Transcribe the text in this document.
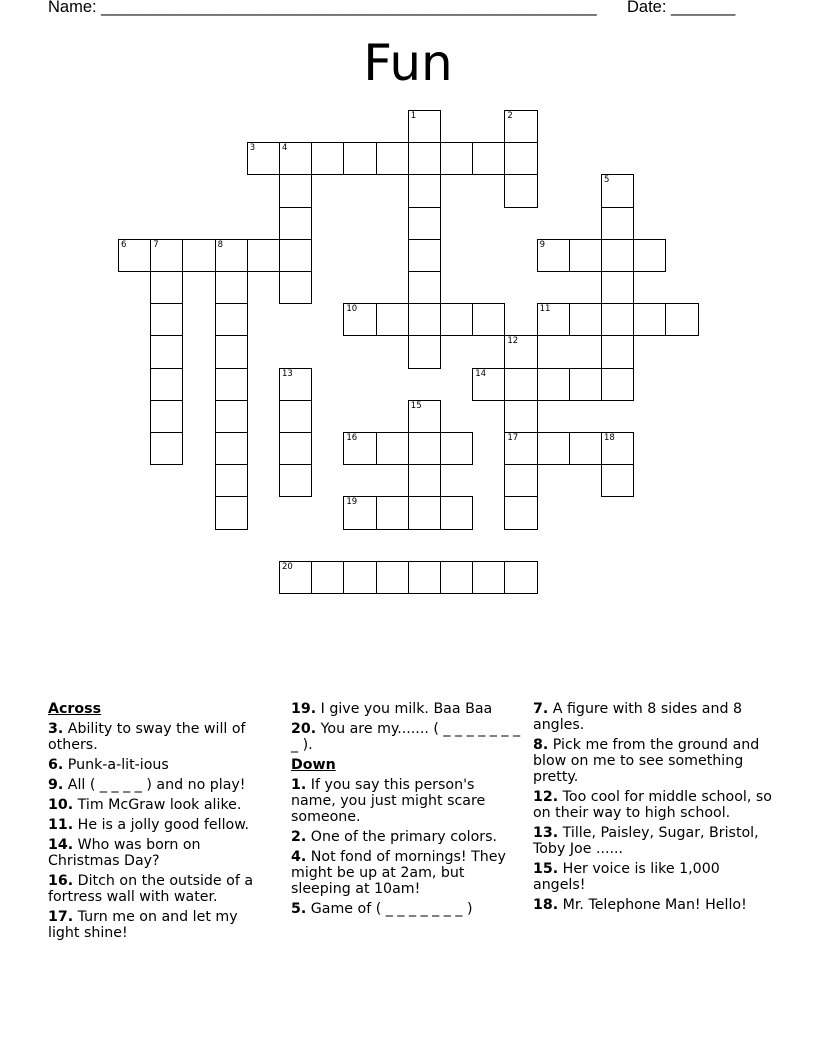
Name: ______________________________________________________ Date: _______
Fun
1	2
3	4
5
6	7	8	9
10	11
12
13	14
15
16	17	18
19
20
Across
3. Ability to sway the will of others.
6. Punk-a-lit-ious
9. All ( _ _ _ _ ) and no play!
10. Tim McGraw look alike.
11. He is a jolly good fellow.
14. Who was born on Christmas Day?
16. Ditch on the outside of a fortress wall with water.
17. Turn me on and let my light shine!
19. I give you milk. Baa Baa
20. You are my....... ( _ _ _ _ _ _ _ _ ).
Down
1. If you say this person's name, you just might scare someone.
2. One of the primary colors.
4. Not fond of mornings! They might be up at 2am, but sleeping at 10am!
5. Game of ( _ _ _ _ _ _ _ )
7. A figure with 8 sides and 8 angles.
8. Pick me from the ground and blow on me to see something pretty.
12. Too cool for middle school, so on their way to high school.
13. Tille, Paisley, Sugar, Bristol, Toby Joe ......
15. Her voice is like 1,000 angels!
18. Mr. Telephone Man! Hello!
